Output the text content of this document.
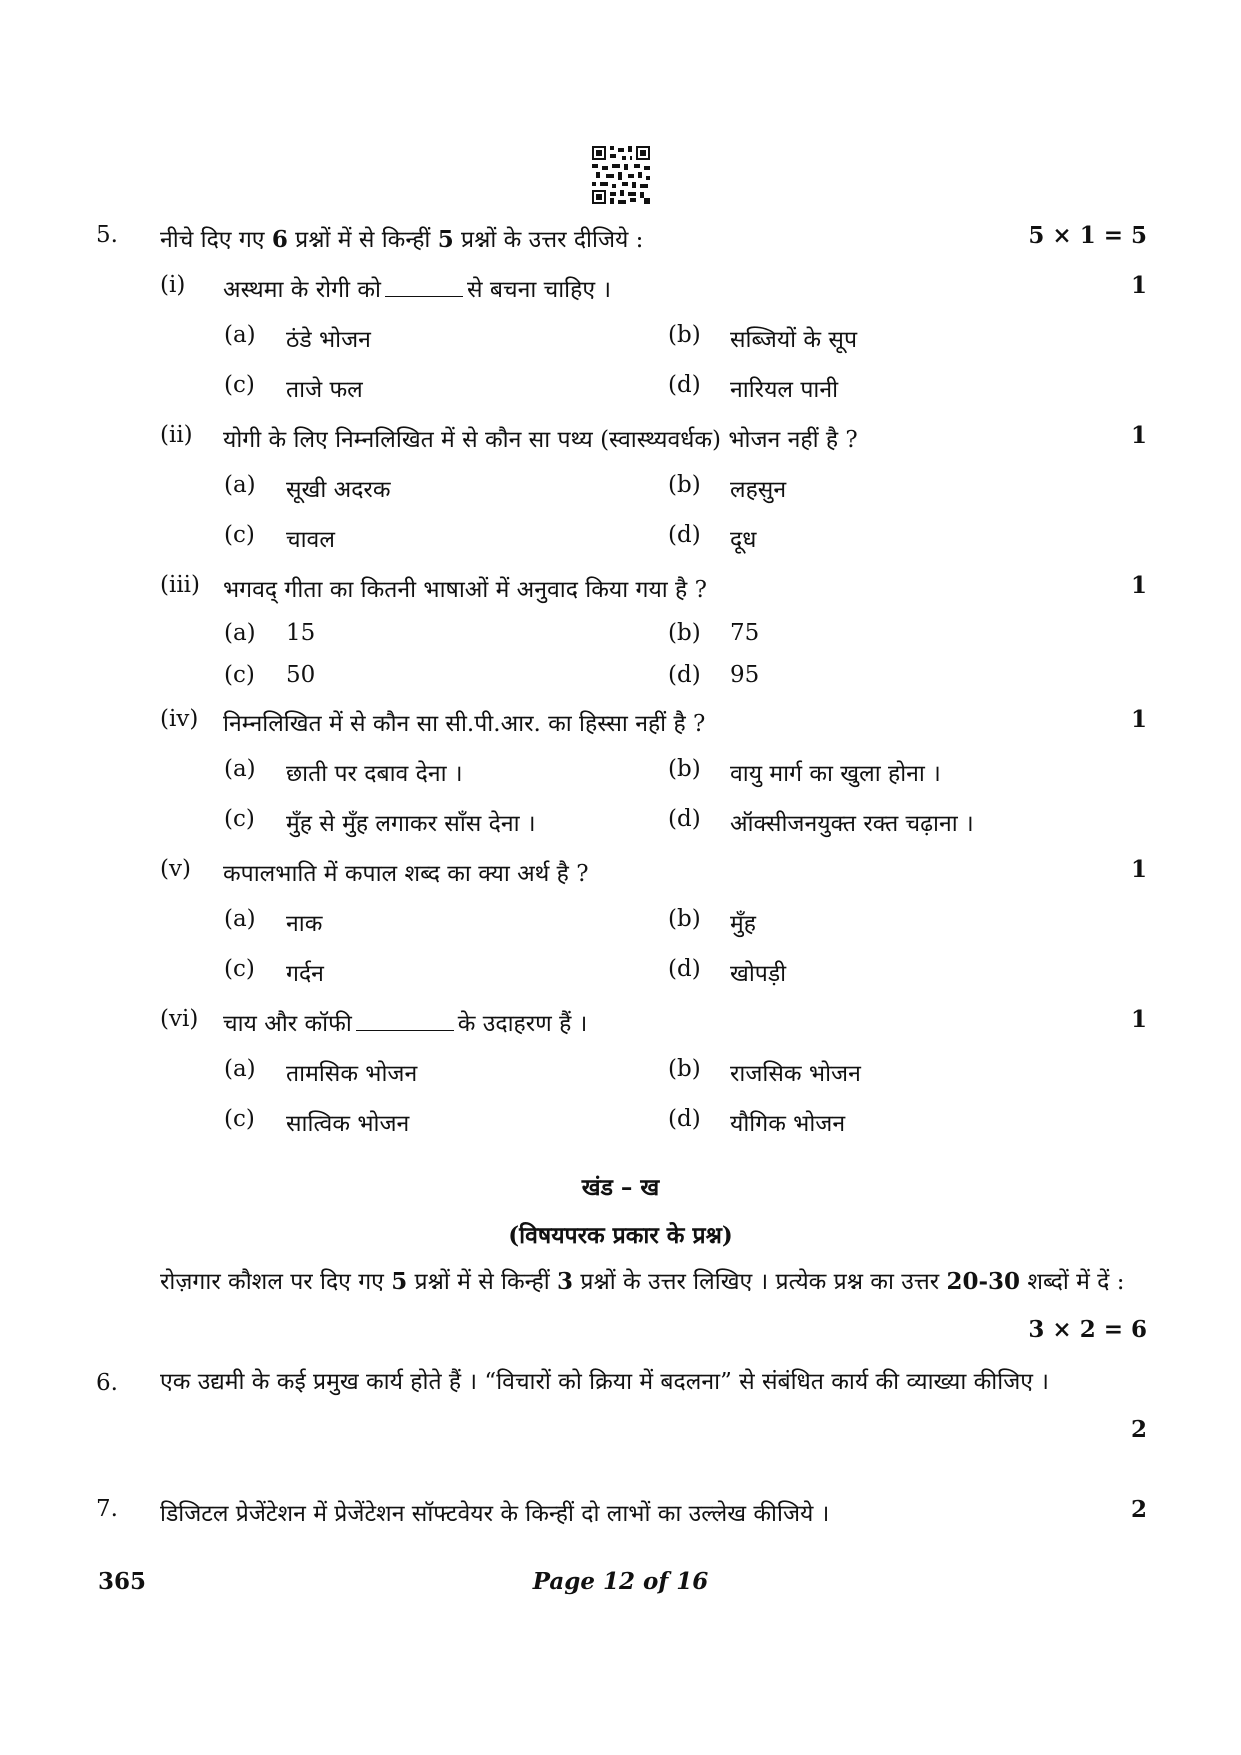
5. नीचे दिए गए 6 प्रश्नों में से किन्हीं 5 प्रश्नों के उत्तर दीजिये :	5 × 1 = 5
(i) अस्थमा के रोगी को	से बचना चाहिए ।	1
(a) ठंडे भोजन	(b) सब्जियों के सूप
(c) ताजे फल	(d) नारियल पानी
(ii) योगी के लिए निम्नलिखित में से कौन सा पथ्य (स्वास्थ्यवर्धक) भोजन नहीं है ?	1
(a) सूखी अदरक	(b) लहसुन
(c) चावल	(d) दूध
(iii) भगवद् गीता का कितनी भाषाओं में अनुवाद किया गया है ?	1
(a) 15	(b) 75
(c) 50	(d) 95
(iv) निम्नलिखित में से कौन सा सी.पी.आर. का हिस्सा नहीं है ?	1
(a) छाती पर दबाव देना ।	(b) वायु मार्ग का खुला होना ।
(c) मुँह से मुँह लगाकर साँस देना ।	(d) ऑक्सीजनयुक्त रक्त चढ़ाना ।
(v) कपालभाति में कपाल शब्द का क्या अर्थ है ?	1
(a) नाक	(b) मुँह
(c) गर्दन	(d) खोपड़ी
(vi) चाय और कॉफी	के उदाहरण हैं ।	1
(a) तामसिक भोजन	(b) राजसिक भोजन
(c) सात्विक भोजन	(d) यौगिक भोजन
खंड – ख
(विषयपरक प्रकार के प्रश्न)
रोज़गार कौशल पर दिए गए 5 प्रश्नों में से किन्हीं 3 प्रश्नों के उत्तर लिखिए । प्रत्येक प्रश्न का उत्तर 20-30 शब्दों में दें :
3 × 2 = 6
6. एक उद्यमी के कई प्रमुख कार्य होते हैं । “विचारों को क्रिया में बदलना” से संबंधित कार्य की व्याख्या कीजिए ।
2
7. डिजिटल प्रेजेंटेशन में प्रेजेंटेशन सॉफ्टवेयर के किन्हीं दो लाभों का उल्लेख कीजिये ।	2
365	Page 12 of 16
